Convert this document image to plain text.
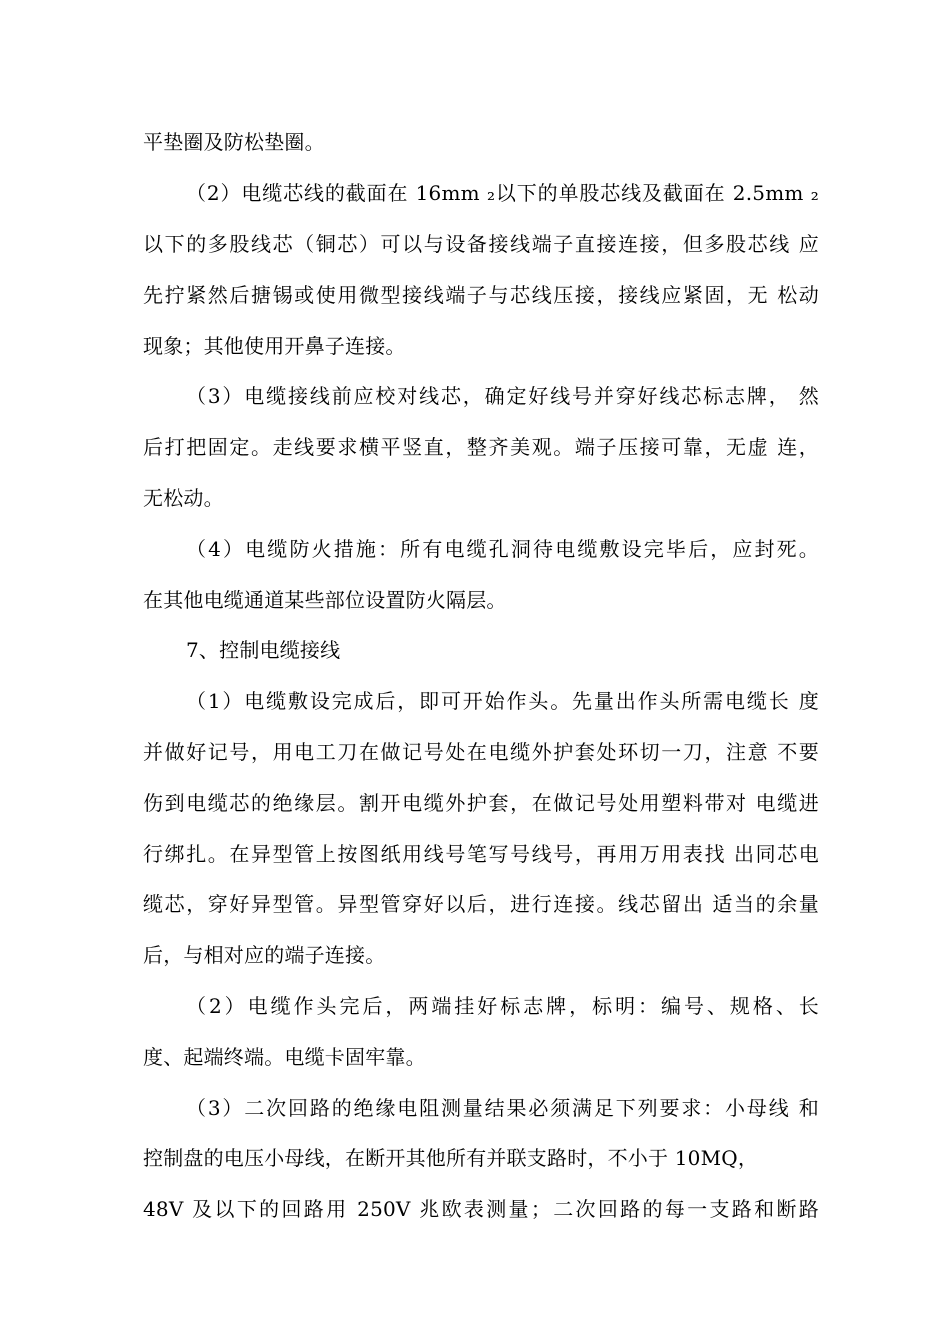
平垫圈及防松垫圈。
（2）电缆芯线的截面在 16mm ₂以下的单股芯线及截面在 2.5mm ₂
以下的多股线芯（铜芯）可以与设备接线端子直接连接，但多股芯线 应
先拧紧然后搪锡或使用微型接线端子与芯线压接，接线应紧固，无 松动
现象；其他使用开鼻子连接。
（3）电缆接线前应校对线芯，确定好线号并穿好线芯标志牌， 然
后打把固定。走线要求横平竖直，整齐美观。端子压接可靠，无虚 连，
无松动。
（4）电缆防火措施：所有电缆孔洞待电缆敷设完毕后，应封死。
在其他电缆通道某些部位设置防火隔层。
7、控制电缆接线
（1）电缆敷设完成后，即可开始作头。先量出作头所需电缆长 度
并做好记号，用电工刀在做记号处在电缆外护套处环切一刀，注意 不要
伤到电缆芯的绝缘层。割开电缆外护套，在做记号处用塑料带对 电缆进
行绑扎。在异型管上按图纸用线号笔写号线号，再用万用表找 出同芯电
缆芯，穿好异型管。异型管穿好以后，进行连接。线芯留出 适当的余量
后，与相对应的端子连接。
（2）电缆作头完后，两端挂好标志牌，标明：编号、规格、长
度、起端终端。电缆卡固牢靠。
（3）二次回路的绝缘电阻测量结果必须满足下列要求：小母线 和
控制盘的电压小母线，在断开其他所有并联支路时，不小于 10MQ，
48V 及以下的回路用 250V 兆欧表测量；二次回路的每一支路和断路
